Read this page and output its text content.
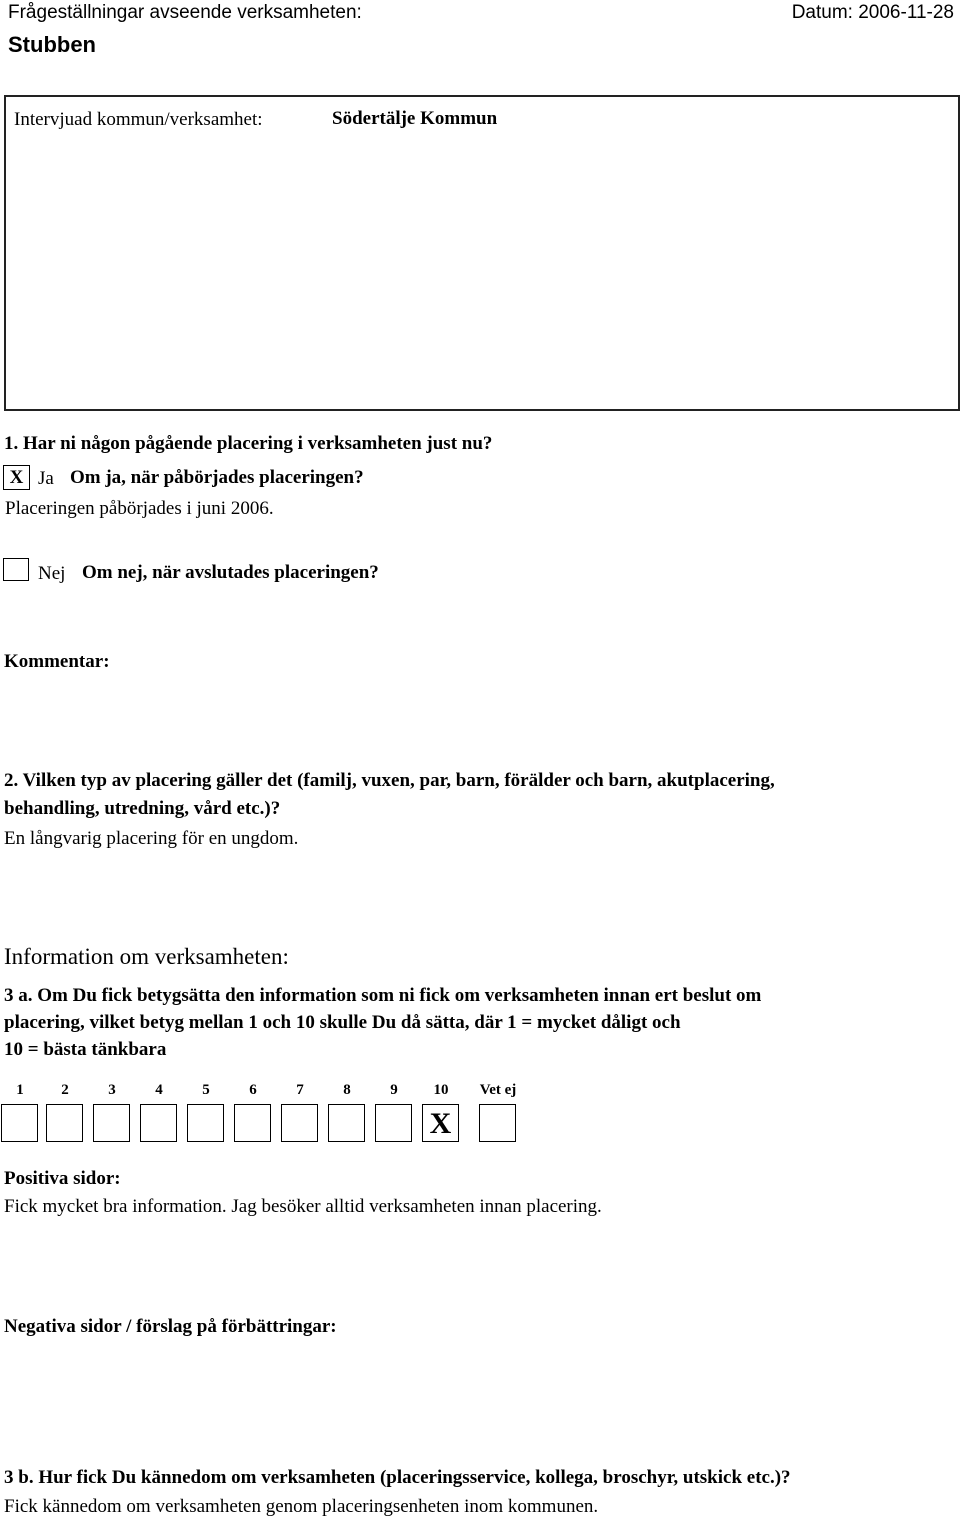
Frågeställningar avseende verksamheten:	Datum: 2006-11-28
Stubben
Intervjuad kommun/verksamhet:	Södertälje Kommun
1. Har ni någon pågående placering i verksamheten just nu?
X Ja Om ja, när påbörjades placeringen?
Placeringen påbörjades i juni 2006.
Nej Om nej, när avslutades placeringen?
Kommentar:
2. Vilken typ av placering gäller det (familj, vuxen, par, barn, förälder och barn, akutplacering,
behandling, utredning, vård etc.)?
En långvarig placering för en ungdom.
Information om verksamheten:
3 a. Om Du fick betygsätta den information som ni fick om verksamheten innan ert beslut om
placering, vilket betyg mellan 1 och 10 skulle Du då sätta, där 1 = mycket dåligt och
10 = bästa tänkbara
1	2	3	4	5	6	7	8	9	10	Vet ej
X
Positiva sidor:
Fick mycket bra information. Jag besöker alltid verksamheten innan placering.
Negativa sidor / förslag på förbättringar:
3 b. Hur fick Du kännedom om verksamheten (placeringsservice, kollega, broschyr, utskick etc.)?
Fick kännedom om verksamheten genom placeringsenheten inom kommunen.
